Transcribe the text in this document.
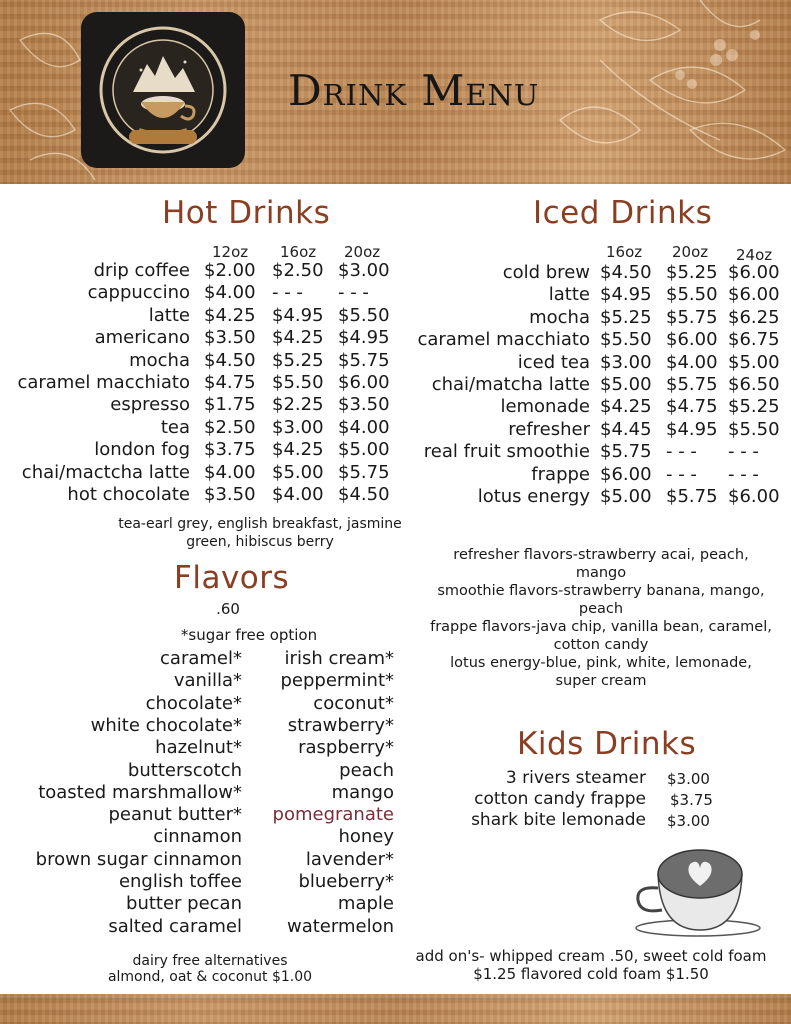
Drink Menu
Hot Drinks
12oz 16oz 20oz
drip coffee $2.00 $2.50 $3.00
cappuccino $4.00 - - - - - -
latte $4.25 $4.95 $5.50
americano $3.50 $4.25 $4.95
mocha $4.50 $5.25 $5.75
caramel macchiato $4.75 $5.50 $6.00
espresso $1.75 $2.25 $3.50
tea $2.50 $3.00 $4.00
london fog $3.75 $4.25 $5.00
chai/mactcha latte $4.00 $5.00 $5.75
hot chocolate $3.50 $4.00 $4.50
tea-earl grey, english breakfast, jasmine
green, hibiscus berry
Iced Drinks
16oz 20oz 24oz
cold brew $4.50 $5.25 $6.00
latte $4.95 $5.50 $6.00
mocha $5.25 $5.75 $6.25
caramel macchiato $5.50 $6.00 $6.75
iced tea $3.00 $4.00 $5.00
chai/matcha latte $5.00 $5.75 $6.50
lemonade $4.25 $4.75 $5.25
refresher $4.45 $4.95 $5.50
real fruit smoothie $5.75 - - - - - -
frappe $6.00 - - - - - -
lotus energy $5.00 $5.75 $6.00
refresher flavors-strawberry acai, peach,
mango
smoothie flavors-strawberry banana, mango,
peach
frappe flavors-java chip, vanilla bean, caramel,
cotton candy
lotus energy-blue, pink, white, lemonade,
super cream
Flavors
.60
*sugar free option
caramel*
vanilla*
chocolate*
white chocolate*
hazelnut*
butterscotch
toasted marshmallow*
peanut butter*
cinnamon
brown sugar cinnamon
english toffee
butter pecan
salted caramel
irish cream*
peppermint*
coconut*
strawberry*
raspberry*
peach
mango
pomegranate
honey
lavender*
blueberry*
maple
watermelon
dairy free alternatives
almond, oat & coconut $1.00
Kids Drinks
3 rivers steamer $3.00
cotton candy frappe $3.75
shark bite lemonade $3.00
add on's- whipped cream .50, sweet cold foam
$1.25 flavored cold foam $1.50
